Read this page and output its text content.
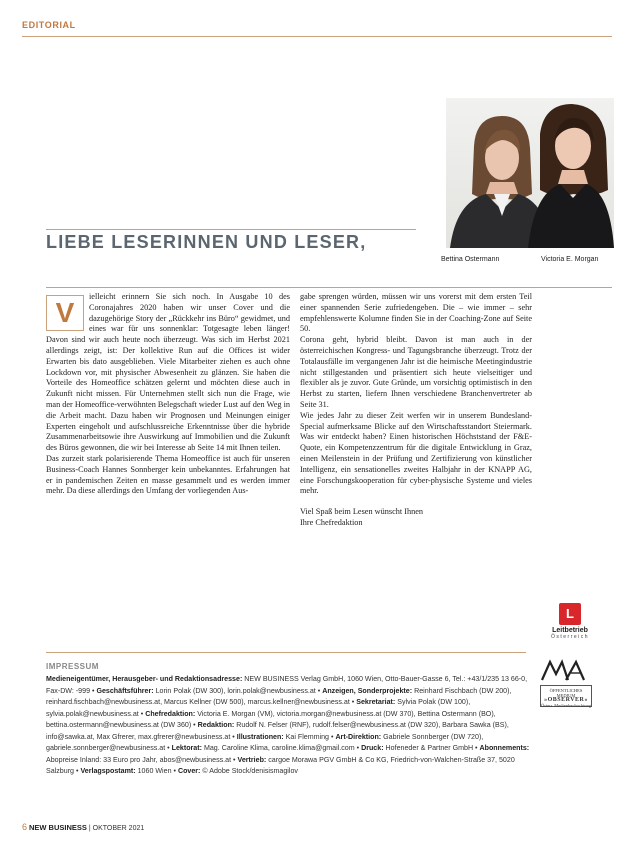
EDITORIAL
Bettina Ostermann	Victoria E. Morgan
LIEBE LESERINNEN UND LESER,
V

ielleicht erinnern Sie sich noch. In Ausgabe 10 des Coronajahres 2020 haben wir unser Cover und die dazugehörige Story der „Rückkehr ins Büro“ gewidmet, und eines war für uns sonnenklar: Totgesagte leben länger! Davon sind wir auch heute noch überzeugt. Was sich im Herbst 2021 allerdings zeigt, ist: Der kollektive Run auf die Offices ist wider Erwarten bis dato ausgeblieben. Viele Mitarbeiter ziehen es auch ohne Lockdown vor, mit physischer Abwesenheit zu glänzen. Sie haben die Vorteile des Homeoffice schätzen gelernt und möchten diese auch in Zukunft nicht missen. Für Unternehmen stellt sich nun die Frage, wie man der Homeoffice-verwöhnten Belegschaft wieder Lust auf den Weg in die Arbeit macht. Dazu haben wir Prognosen und Meinungen einiger Experten eingeholt und aufschlussreiche Erkenntnisse über die hybride Zusammenarbeitsowie ihre Auswirkung auf Immobilien und die Zukunft des Büros gewonnen, die wir bei Interesse ab Seite 14 mit Ihnen teilen.

Das zurzeit stark polarisierende Thema Homeoffice ist auch für unseren Business-Coach Hannes Sonnberger kein unbekanntes. Erfahrungen hat er in pandemischen Zeiten en masse gesammelt und es werden immer mehr. Da diese allerdings den Umfang der vorliegenden Aus-

gabe sprengen würden, müssen wir uns vorerst mit dem ersten Teil einer spannenden Serie zufriedengeben. Die – wie immer – sehr empfehlenswerte Kolumne finden Sie in der Coaching-Zone auf Seite 50.

Corona geht, hybrid bleibt. Davon ist man auch in der österreichischen Kongress- und Tagungsbranche überzeugt. Trotz der Totalausfälle im vergangenen Jahr ist die heimische Meetingindustrie nicht stillgestanden und präsentiert sich heute vielseitiger und flexibler als je zuvor. Gute Gründe, um vorsichtig optimistisch in den Herbst zu starten, liefern Ihnen verschiedene Branchenvertreter ab Seite 31.

Wie jedes Jahr zu dieser Zeit werfen wir in unserem Bundesland-Special aufmerksame Blicke auf den Wirtschaftsstandort Steiermark. Was wir entdeckt haben? Einen historischen Höchststand der F&E-Quote, ein Kompetenzzentrum für die digitale Entwicklung in Graz, einen Meilenstein in der Prüfung und Zertifizierung von künstlicher Intelligenz, ein sensationelles zweites Halbjahr in der KNAPP AG, eine Forschungskooperation für cyber-physische Systeme und vieles mehr.

Viel Spaß beim Lesen wünscht Ihnen

Ihre Chefredaktion

L
Leitbetrieb
Österreich
IMPRESSUM
Medieneigentümer, Herausgeber- und Redaktionsadresse: NEW BUSINESS Verlag GmbH, 1060 Wien, Otto-Bauer-Gasse 6, Tel.: +43/1/235 13 66-0, Fax-DW: -999 • Geschäftsführer: Lorin Polak (DW 300), lorin.polak@newbusiness.at • Anzeigen, Sonderprojekte: Reinhard Fischbach (DW 200), reinhard.fischbach@newbusiness.at, Marcus Kellner (DW 500), marcus.kellner@newbusiness.at • Sekretariat: Sylvia Polak (DW 100), sylvia.polak@newbusiness.at • Chefredaktion: Victoria E. Morgan (VM), victoria.morgan@newbusiness.at (DW 370), Bettina Ostermann (BO), bettina.ostermann@newbusiness.at (DW 360) • Redaktion: Rudolf N. Felser (RNF), rudolf.felser@newbusiness.at (DW 320), Barbara Sawka (BS), info@sawka.at, Max Gfrerer, max.gfrerer@newbusiness.at • Illustrationen: Kai Flemming • Art-Direktion: Gabriele Sonnberger (DW 720), gabriele.sonnberger@newbusiness.at • Lektorat: Mag. Caroline Klima, caroline.klima@gmail.com • Druck: Hofeneder & Partner GmbH • Abonnements: Abopreise Inland: 33 Euro pro Jahr, abos@newbusiness.at • Vertrieb: cargoe Morawa PGV GmbH & Co KG, Friedrich-von-Walchen-Straße 37, 5020 Salzburg • Verlagspostamt: 1060 Wien • Cover: © Adobe Stock/denisismagilov
ÖFFENTLICHES MEDIUM
»OBSERVER«
Österr. Medienbeobachtung
6 NEW BUSINESS | OKTOBER 2021
